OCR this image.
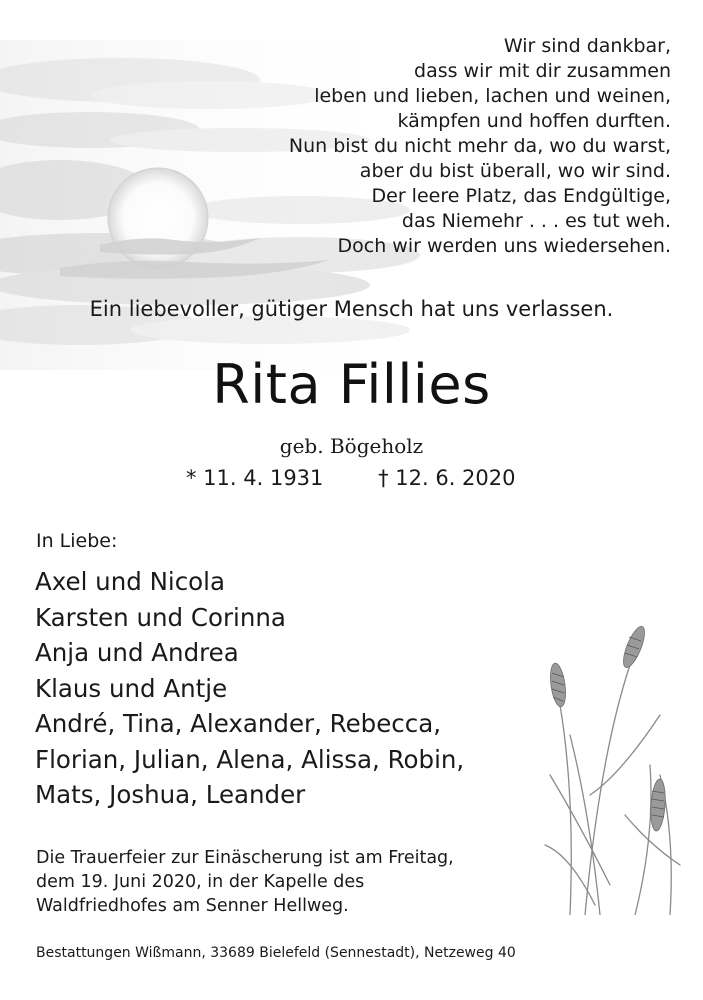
Wir sind dankbar,
dass wir mit dir zusammen
leben und lieben, lachen und weinen,
kämpfen und hoffen durften.
Nun bist du nicht mehr da, wo du warst,
aber du bist überall, wo wir sind.
Der leere Platz, das Endgültige,
das Niemehr . . . es tut weh.
Doch wir werden uns wiedersehen.
Ein liebevoller, gütiger Mensch hat uns verlassen.
Rita Fillies
geb. Bögeholz
* 11. 4. 1931	† 12. 6. 2020
In Liebe:
Axel und Nicola
Karsten und Corinna
Anja und Andrea
Klaus und Antje
André, Tina, Alexander, Rebecca,
Florian, Julian, Alena, Alissa, Robin,
Mats, Joshua, Leander
Die Trauerfeier zur Einäscherung ist am Freitag,
dem 19. Juni 2020, in der Kapelle des
Waldfriedhofes am Senner Hellweg.
Bestattungen Wißmann, 33689 Bielefeld (Sennestadt), Netzeweg 40
